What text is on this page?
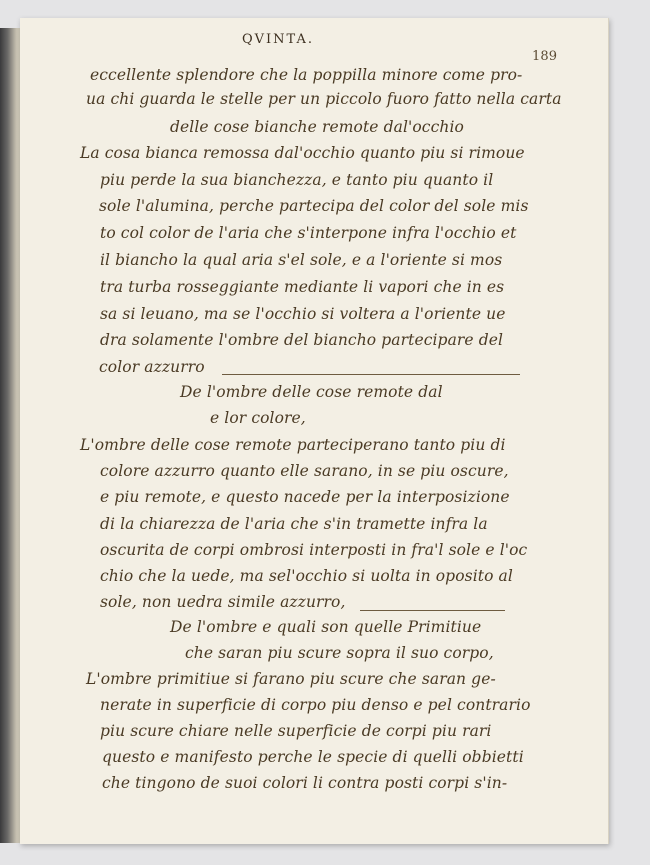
QVINTA.
189
eccellente splendore che la poppilla minore come pro-
ua chi guarda le stelle per un piccolo fuoro fatto nella carta
delle cose bianche remote dal'occhio
La cosa bianca remossa dal'occhio quanto piu si rimoue
piu perde la sua bianchezza, e tanto piu quanto il
sole l'alumina, perche partecipa del color del sole mis
to col color de l'aria che s'interpone infra l'occhio et
il biancho la qual aria s'el sole, e a l'oriente si mos
tra turba rosseggiante mediante li vapori che in es
sa si leuano, ma se l'occhio si voltera a l'oriente ue
dra solamente l'ombre del biancho partecipare del
color azzurro
De l'ombre delle cose remote dal
e lor colore,
L'ombre delle cose remote parteciperano tanto piu di
colore azzurro quanto elle sarano, in se piu oscure,
e piu remote, e questo nacede per la interposizione
di la chiarezza de l'aria che s'in tramette infra la
oscurita de corpi ombrosi interposti in fra'l sole e l'oc
chio che la uede, ma sel'occhio si uolta in oposito al
sole, non uedra simile azzurro,
De l'ombre e quali son quelle Primitiue
che saran piu scure sopra il suo corpo,
L'ombre primitiue si farano piu scure che saran ge-
nerate in superficie di corpo piu denso e pel contrario
piu scure chiare nelle superficie de corpi piu rari
questo e manifesto perche le specie di quelli obbietti
che tingono de suoi colori li contra posti corpi s'in-
